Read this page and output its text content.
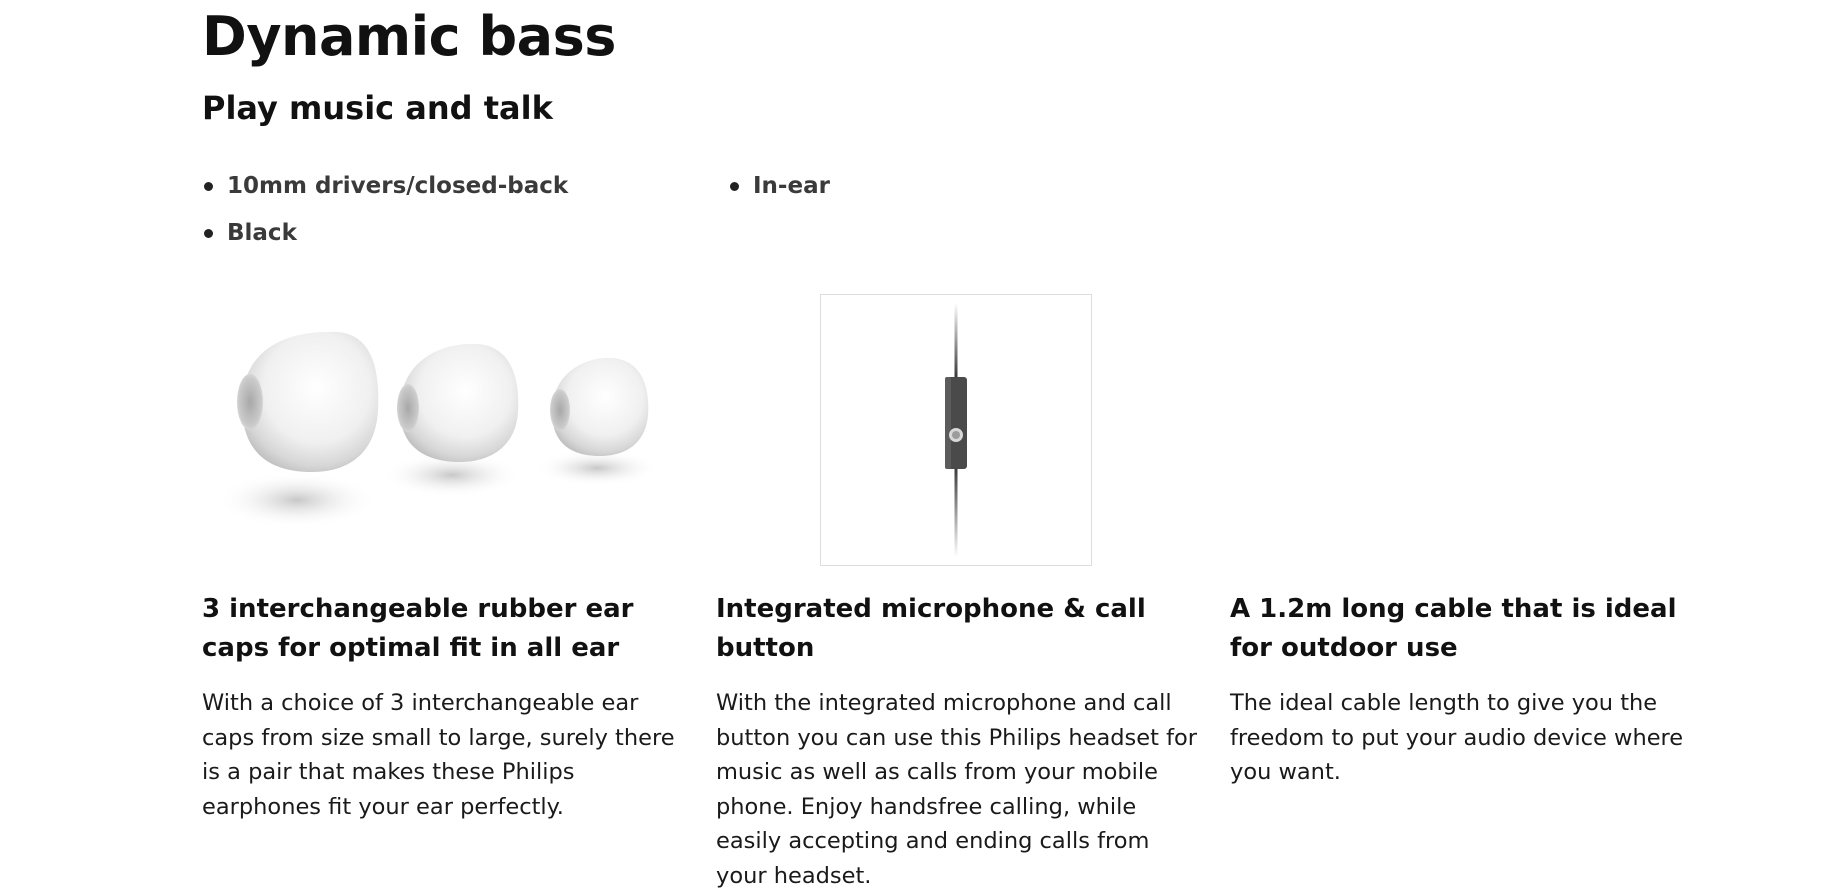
Dynamic bass
Play music and talk
10mm drivers/closed-back	In-ear
Black
3 interchangeable rubber ear caps for optimal fit in all ear

With a choice of 3 interchangeable ear caps from size small to large, surely there is a pair that makes these Philips earphones fit your ear perfectly.

Integrated microphone & call button

With the integrated microphone and call button you can use this Philips headset for music as well as calls from your mobile phone. Enjoy handsfree calling, while easily accepting and ending calls from your headset.

A 1.2m long cable that is ideal for outdoor use

The ideal cable length to give you the freedom to put your audio device where you want.
